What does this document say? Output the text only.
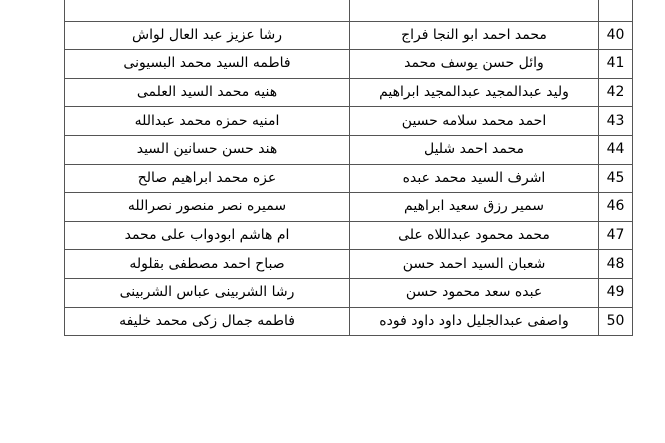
رشا عزيز عبد العال لواش	محمد احمد ابو النجا فراج	40
فاطمه السيد محمد البسيونى	وائل حسن يوسف محمد	41
هنيه محمد السيد العلمى	وليد عبدالمجيد عبدالمجيد ابراهيم	42
امنيه حمزه محمد عبدالله	احمد محمد سلامه حسين	43
هند حسن حسانين السيد	محمد احمد شليل	44
عزه محمد ابراهيم صالح	اشرف السيد محمد عبده	45
سميره نصر منصور نصرالله	سمير رزق سعيد ابراهيم	46
ام هاشم ابودواب على محمد	محمد محمود عبداللاه على	47
صباح احمد مصطفى بقلوله	شعبان السيد احمد حسن	48
رشا الشربينى عباس الشربينى	عبده سعد محمود حسن	49
فاطمه جمال زكى محمد خليفه	واصفى عبدالجليل داود داود فوده	50
